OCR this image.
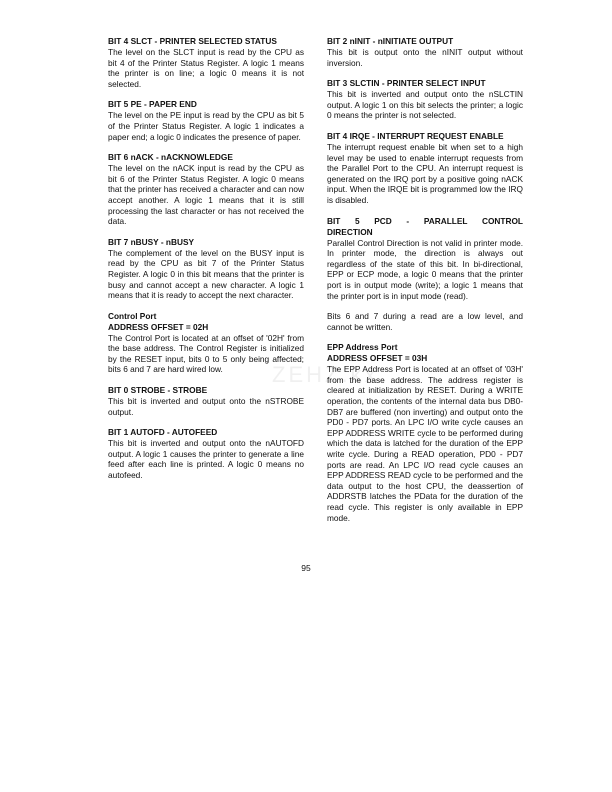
ZEHZ.kx

BIT 4 SLCT - PRINTER SELECTED STATUS

The level on the SLCT input is read by the CPU as bit 4 of the Printer Status Register. A logic 1 means the printer is on line; a logic 0 means it is not selected.

BIT 5 PE - PAPER END

The level on the PE input is read by the CPU as bit 5 of the Printer Status Register. A logic 1 indicates a paper end; a logic 0 indicates the presence of paper.

BIT 6 nACK - nACKNOWLEDGE

The level on the nACK input is read by the CPU as bit 6 of the Printer Status Register. A logic 0 means that the printer has received a character and can now accept another. A logic 1 means that it is still processing the last character or has not received the data.

BIT 7 nBUSY - nBUSY

The complement of the level on the BUSY input is read by the CPU as bit 7 of the Printer Status Register. A logic 0 in this bit means that the printer is busy and cannot accept a new character. A logic 1 means that it is ready to accept the next character.

Control Port

ADDRESS OFFSET = 02H

The Control Port is located at an offset of '02H' from the base address. The Control Register is initialized by the RESET input, bits 0 to 5 only being affected; bits 6 and 7 are hard wired low.

BIT 0 STROBE - STROBE

This bit is inverted and output onto the nSTROBE output.

BIT 1 AUTOFD - AUTOFEED

This bit is inverted and output onto the nAUTOFD output. A logic 1 causes the printer to generate a line feed after each line is printed. A logic 0 means no autofeed.

BIT 2 nINIT - nINITIATE OUTPUT

This bit is output onto the nINIT output without inversion.

BIT 3 SLCTIN - PRINTER SELECT INPUT

This bit is inverted and output onto the nSLCTIN output. A logic 1 on this bit selects the printer; a logic 0 means the printer is not selected.

BIT 4 IRQE - INTERRUPT REQUEST ENABLE

The interrupt request enable bit when set to a high level may be used to enable interrupt requests from the Parallel Port to the CPU. An interrupt request is generated on the IRQ port by a positive going nACK input. When the IRQE bit is programmed low the IRQ is disabled.

BIT 5 PCD - PARALLEL CONTROL

DIRECTION

Parallel Control Direction is not valid in printer mode. In printer mode, the direction is always out regardless of the state of this bit. In bi-directional, EPP or ECP mode, a logic 0 means that the printer port is in output mode (write); a logic 1 means that the printer port is in input mode (read).

Bits 6 and 7 during a read are a low level, and cannot be written.

EPP Address Port

ADDRESS OFFSET = 03H

The EPP Address Port is located at an offset of '03H' from the base address. The address register is cleared at initialization by RESET. During a WRITE operation, the contents of the internal data bus DB0-DB7 are buffered (non inverting) and output onto the PD0 - PD7 ports. An LPC I/O write cycle causes an EPP ADDRESS WRITE cycle to be performed during which the data is latched for the duration of the EPP write cycle. During a READ operation, PD0 - PD7 ports are read. An LPC I/O read cycle causes an EPP ADDRESS READ cycle to be performed and the data output to the host CPU, the deassertion of ADDRSTB latches the PData for the duration of the read cycle. This register is only available in EPP mode.

95
